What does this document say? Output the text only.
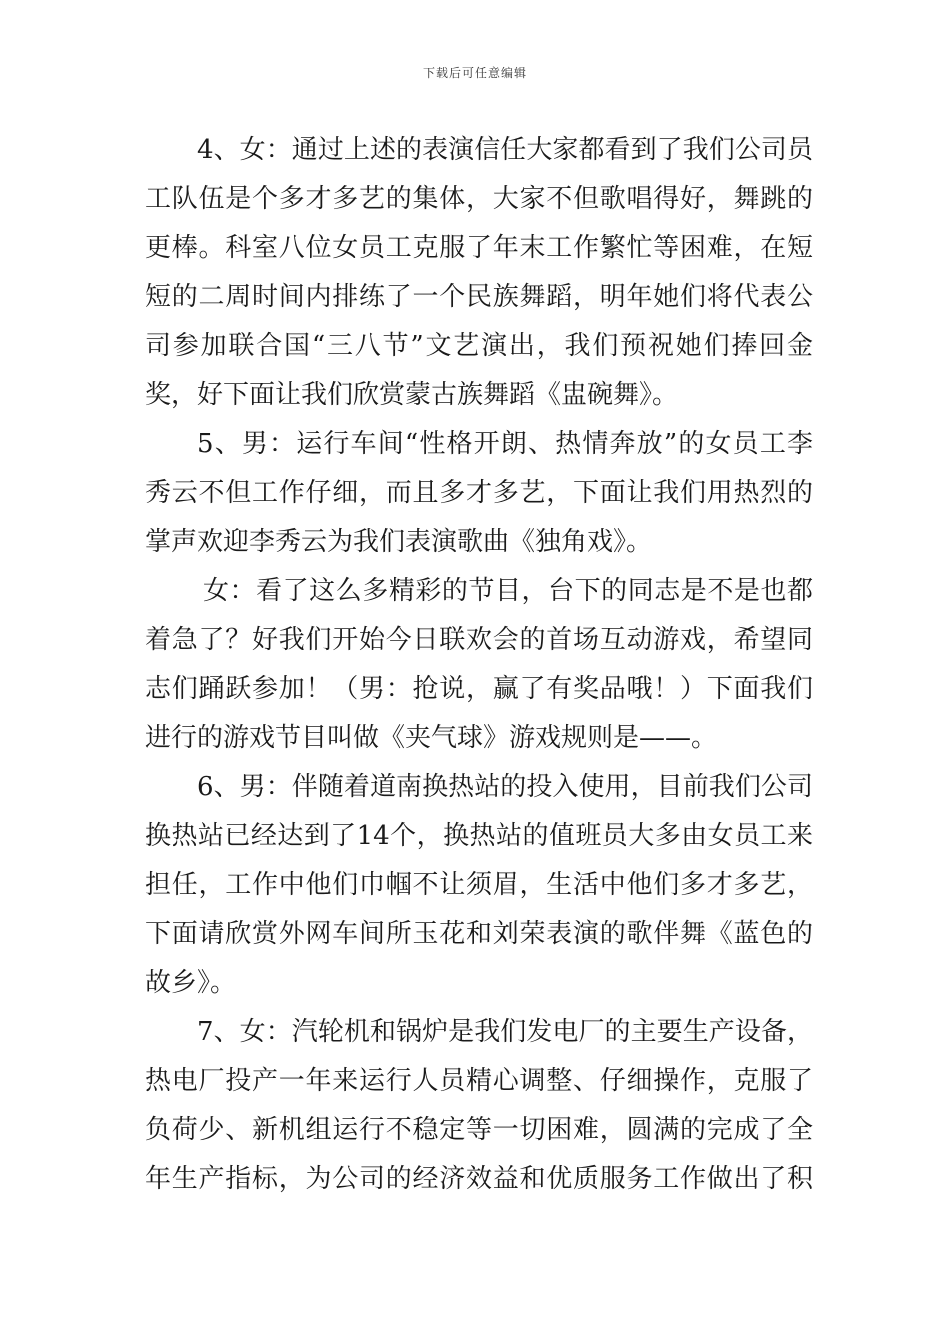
下载后可任意编辑
4、女：通过上述的表演信任大家都看到了我们公司员
工队伍是个多才多艺的集体，大家不但歌唱得好，舞跳的
更棒。科室八位女员工克服了年末工作繁忙等困难，在短
短的二周时间内排练了一个民族舞蹈，明年她们将代表公
司参加联合国“三八节”文艺演出，我们预祝她们捧回金
奖，好下面让我们欣赏蒙古族舞蹈《盅碗舞》。
5、男：运行车间“性格开朗、热情奔放”的女员工李
秀云不但工作仔细，而且多才多艺，下面让我们用热烈的
掌声欢迎李秀云为我们表演歌曲《独角戏》。
女：看了这么多精彩的节目，台下的同志是不是也都
着急了？好我们开始今日联欢会的首场互动游戏，希望同
志们踊跃参加！（男：抢说，赢了有奖品哦！）下面我们
进行的游戏节目叫做《夹气球》游戏规则是——。
6、男：伴随着道南换热站的投入使用，目前我们公司
换热站已经达到了14个，换热站的值班员大多由女员工来
担任，工作中他们巾帼不让须眉，生活中他们多才多艺，
下面请欣赏外网车间所玉花和刘荣表演的歌伴舞《蓝色的
故乡》。
7、女：汽轮机和锅炉是我们发电厂的主要生产设备，
热电厂投产一年来运行人员精心调整、仔细操作，克服了
负荷少、新机组运行不稳定等一切困难，圆满的完成了全
年生产指标，为公司的经济效益和优质服务工作做出了积
